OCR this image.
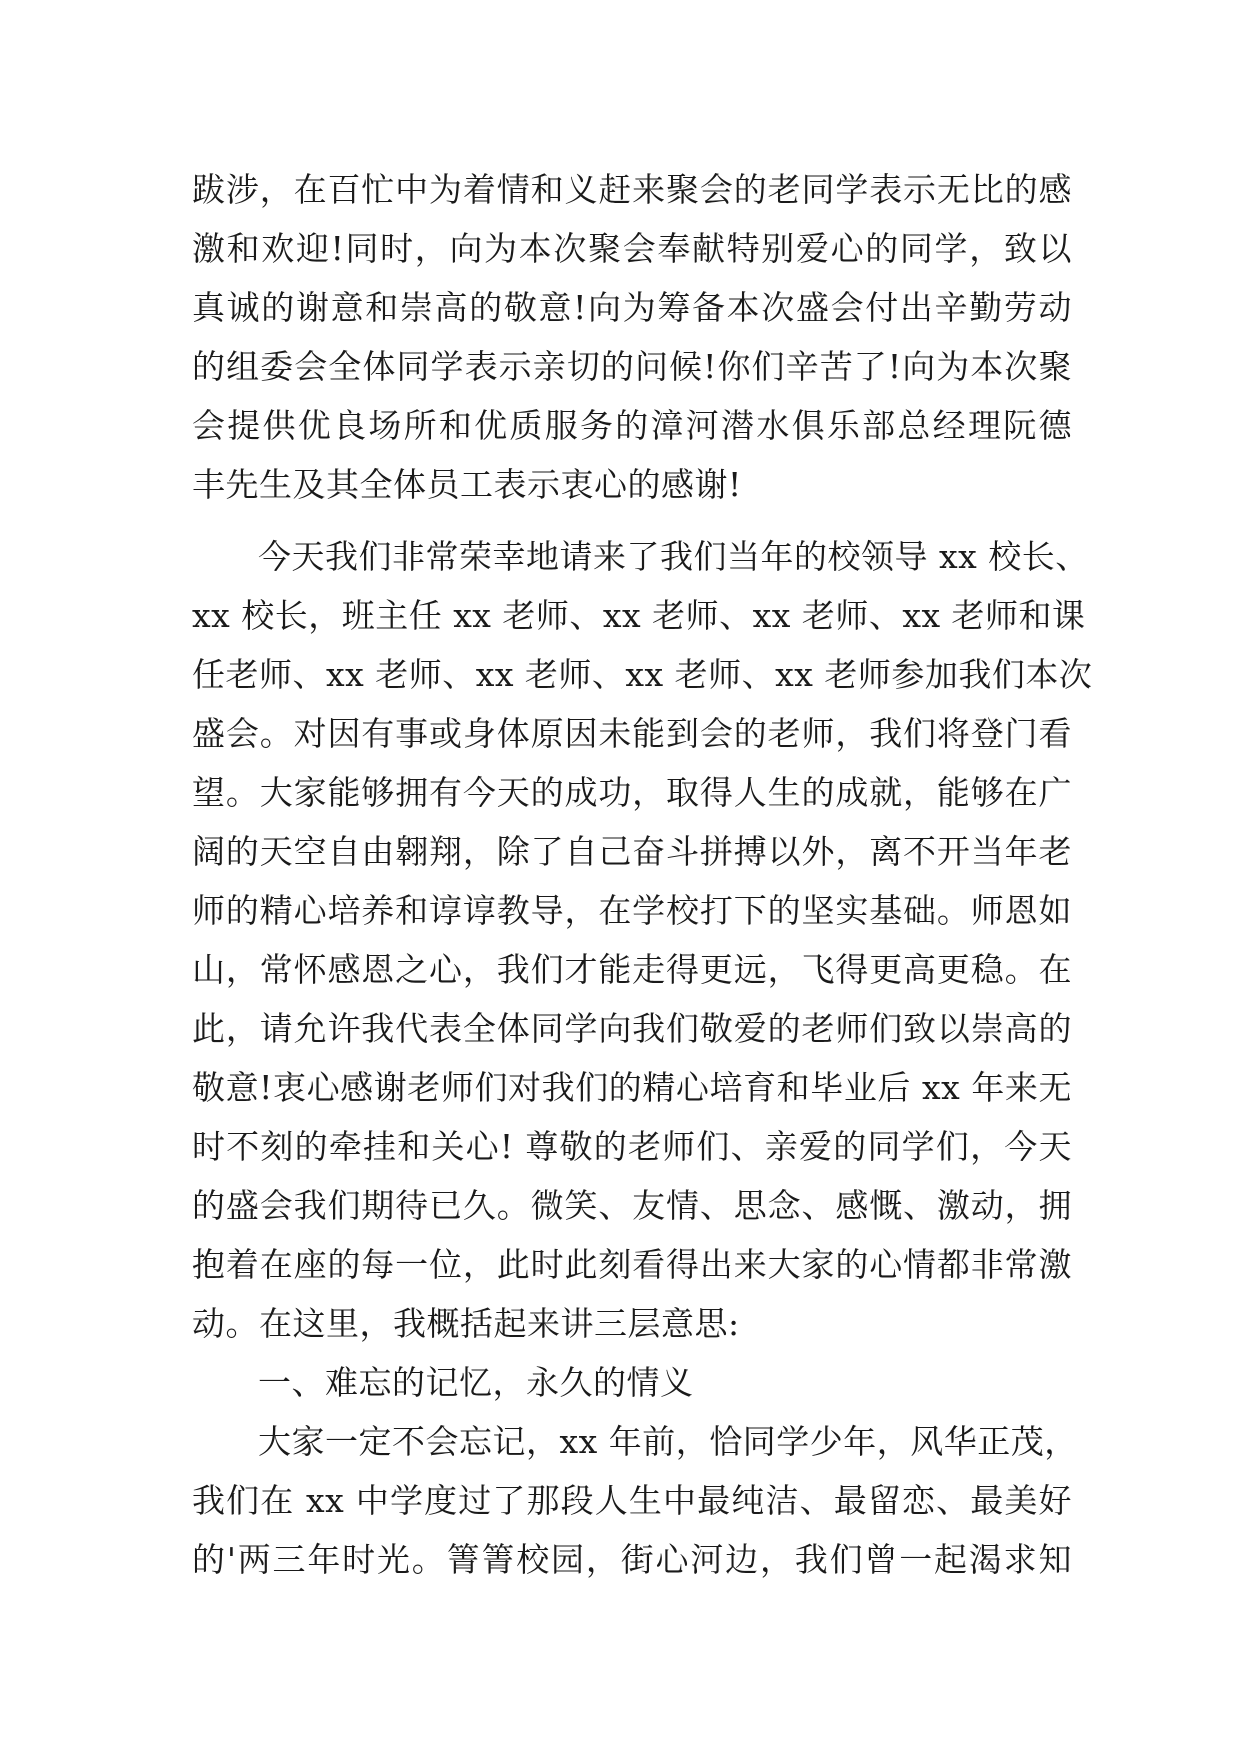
跋涉，在百忙中为着情和义赶来聚会的老同学表示无比的感
激和欢迎!同时，向为本次聚会奉献特别爱心的同学，致以
真诚的谢意和崇高的敬意!向为筹备本次盛会付出辛勤劳动
的组委会全体同学表示亲切的问候!你们辛苦了!向为本次聚
会提供优良场所和优质服务的漳河潜水俱乐部总经理阮德
丰先生及其全体员工表示衷心的感谢!
今天我们非常荣幸地请来了我们当年的校领导 xx 校长、
xx 校长，班主任 xx 老师、xx 老师、xx 老师、xx 老师和课
任老师、xx 老师、xx 老师、xx 老师、xx 老师参加我们本次
盛会。对因有事或身体原因未能到会的老师，我们将登门看
望。大家能够拥有今天的成功，取得人生的成就，能够在广
阔的天空自由翱翔，除了自己奋斗拼搏以外，离不开当年老
师的精心培养和谆谆教导，在学校打下的坚实基础。师恩如
山，常怀感恩之心，我们才能走得更远，飞得更高更稳。在
此，请允许我代表全体同学向我们敬爱的老师们致以崇高的
敬意!衷心感谢老师们对我们的精心培育和毕业后 xx 年来无
时不刻的牵挂和关心! 尊敬的老师们、亲爱的同学们，今天
的盛会我们期待已久。微笑、友情、思念、感慨、激动，拥
抱着在座的每一位，此时此刻看得出来大家的心情都非常激
动。在这里，我概括起来讲三层意思:
一、难忘的记忆，永久的情义
大家一定不会忘记，xx 年前，恰同学少年，风华正茂，
我们在 xx 中学度过了那段人生中最纯洁、最留恋、最美好
的'两三年时光。箐箐校园，街心河边，我们曾一起渴求知
